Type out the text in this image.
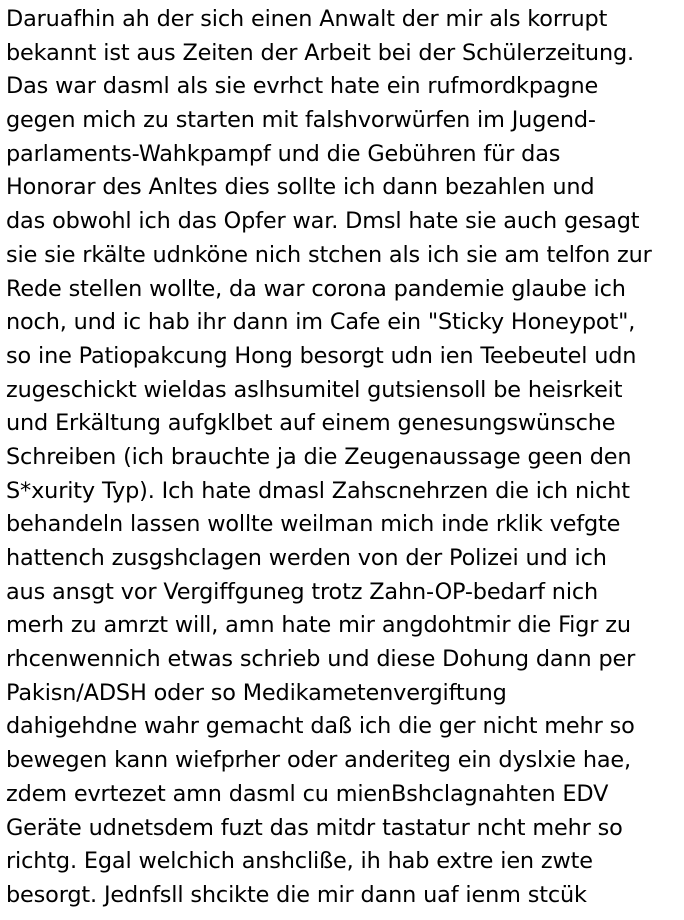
Daruafhin ah der sich einen Anwalt der mir als korrupt
bekannt ist aus Zeiten der Arbeit bei der Schülerzeitung.
Das war dasml als sie evrhct hate ein rufmordkpagne
gegen mich zu starten mit falshvorwürfen im Jugend-
parlaments-Wahkpampf und die Gebühren für das
Honorar des Anltes dies sollte ich dann bezahlen und
das obwohl ich das Opfer war. Dmsl hate sie auch gesagt
sie sie rkälte udnköne nich stchen als ich sie am telfon zur
Rede stellen wollte, da war corona pandemie glaube ich
noch, und ic hab ihr dann im Cafe ein "Sticky Honeypot",
so ine Patiopakcung Hong besorgt udn ien Teebeutel udn
zugeschickt wieldas aslhsumitel gutsiensoll be heisrkeit
und Erkältung aufgklbet auf einem genesungswünsche
Schreiben (ich brauchte ja die Zeugenaussage geen den
S*xurity Typ). Ich hate dmasl Zahscnehrzen die ich nicht
behandeln lassen wollte weilman mich inde rklik vefgte
hattench zusgshclagen werden von der Polizei und ich
aus ansgt vor Vergiffguneg trotz Zahn-OP-bedarf nich
merh zu amrzt will, amn hate mir angdohtmir die Figr zu
rhcenwennich etwas schrieb und diese Dohung dann per
Pakisn/ADSH oder so Medikametenvergiftung
dahigehdne wahr gemacht daß ich die ger nicht mehr so
bewegen kann wiefprher oder anderiteg ein dyslxie hae,
zdem evrtezet amn dasml cu mienBshclagnahten EDV
Geräte udnetsdem fuzt das mitdr tastatur ncht mehr so
richtg. Egal welchich anshcliße, ih hab extre ien zwte
besorgt. Jednfsll shcikte die mir dann uaf ienm stcük
